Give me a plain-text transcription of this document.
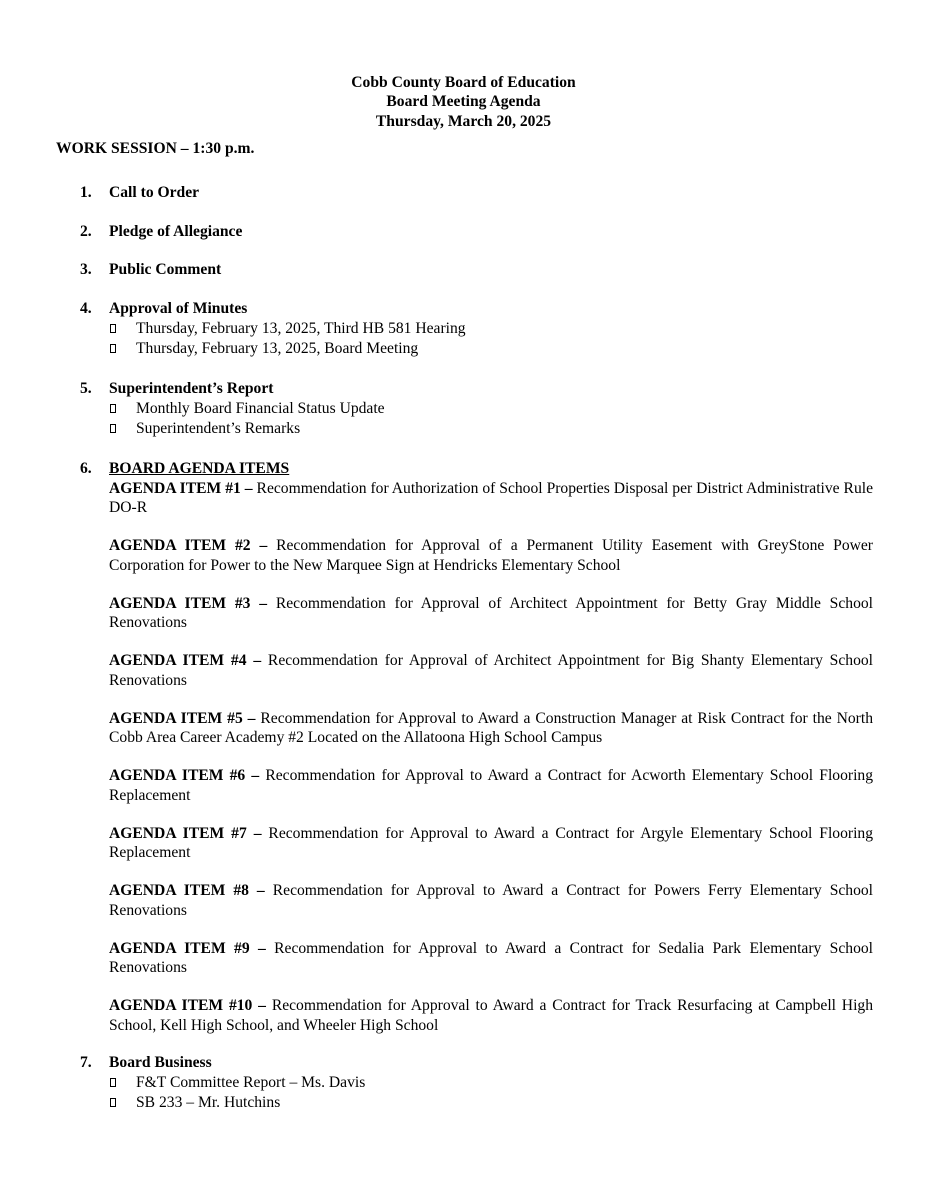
Cobb County Board of Education
Board Meeting Agenda
Thursday, March 20, 2025
WORK SESSION – 1:30 p.m.
1. Call to Order
2. Pledge of Allegiance
3. Public Comment
4. Approval of Minutes
Thursday, February 13, 2025, Third HB 581 Hearing
Thursday, February 13, 2025, Board Meeting
5. Superintendent’s Report
Monthly Board Financial Status Update
Superintendent’s Remarks
6. BOARD AGENDA ITEMS
AGENDA ITEM #1 – Recommendation for Authorization of School Properties Disposal per District Administrative Rule DO-R
AGENDA ITEM #2 – Recommendation for Approval of a Permanent Utility Easement with GreyStone Power Corporation for Power to the New Marquee Sign at Hendricks Elementary School
AGENDA ITEM #3 – Recommendation for Approval of Architect Appointment for Betty Gray Middle School Renovations
AGENDA ITEM #4 – Recommendation for Approval of Architect Appointment for Big Shanty Elementary School Renovations
AGENDA ITEM #5 – Recommendation for Approval to Award a Construction Manager at Risk Contract for the North Cobb Area Career Academy #2 Located on the Allatoona High School Campus
AGENDA ITEM #6 – Recommendation for Approval to Award a Contract for Acworth Elementary School Flooring Replacement
AGENDA ITEM #7 – Recommendation for Approval to Award a Contract for Argyle Elementary School Flooring Replacement
AGENDA ITEM #8 – Recommendation for Approval to Award a Contract for Powers Ferry Elementary School Renovations
AGENDA ITEM #9 – Recommendation for Approval to Award a Contract for Sedalia Park Elementary School Renovations
AGENDA ITEM #10 – Recommendation for Approval to Award a Contract for Track Resurfacing at Campbell High School, Kell High School, and Wheeler High School
7. Board Business
F&T Committee Report – Ms. Davis
SB 233 – Mr. Hutchins
